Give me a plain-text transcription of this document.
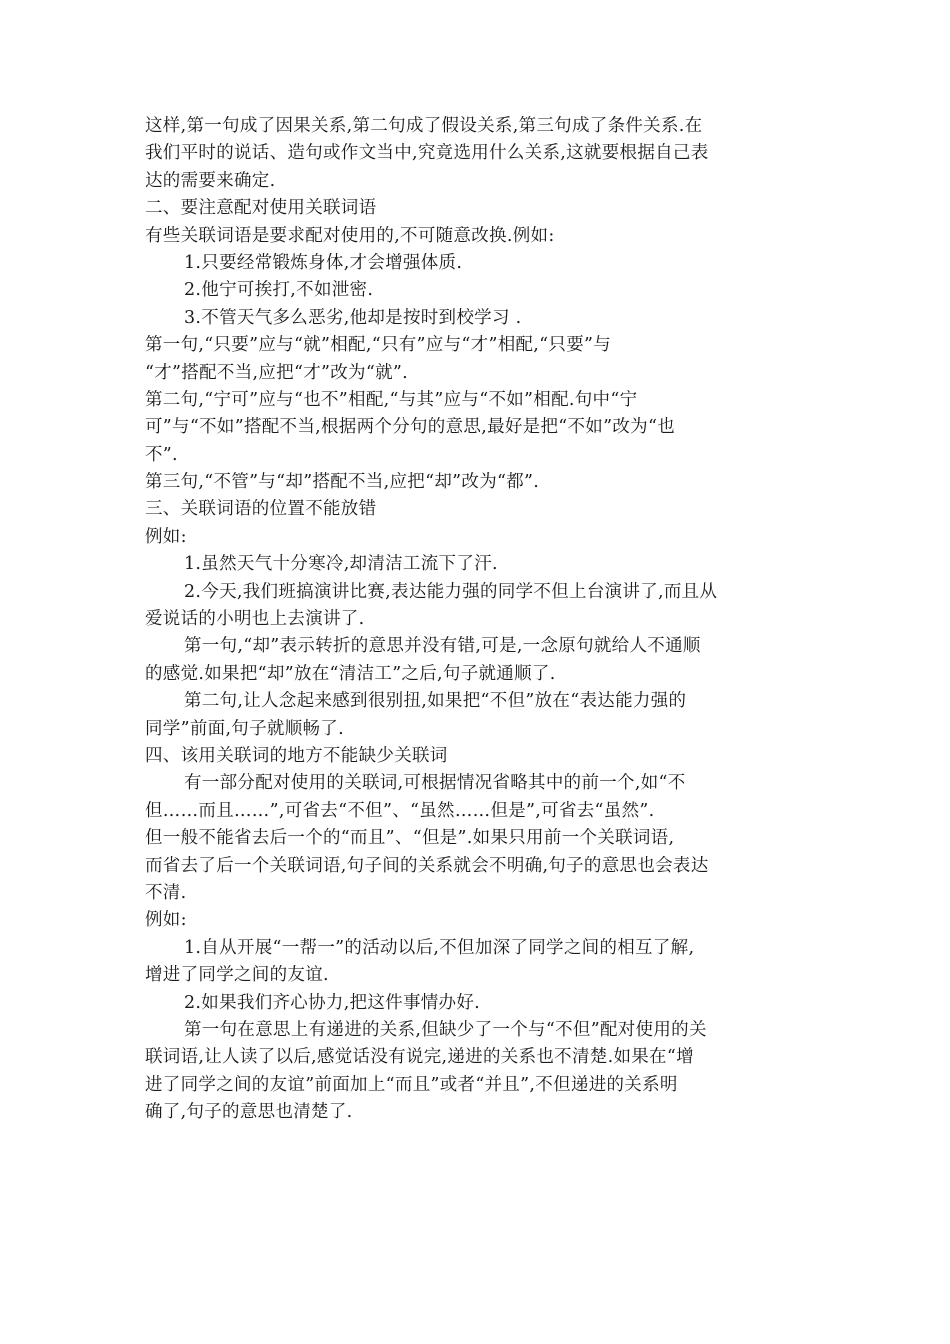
这样,第一句成了因果关系,第二句成了假设关系,第三句成了条件关系.在
我们平时的说话、造句或作文当中,究竟选用什么关系,这就要根据自己表
达的需要来确定.
二、要注意配对使用关联词语
有些关联词语是要求配对使用的,不可随意改换.例如:
1.只要经常锻炼身体,才会增强体质.
2.他宁可挨打,不如泄密.
3.不管天气多么恶劣,他却是按时到校学习 .
第一句,“只要”应与“就”相配,“只有”应与“才”相配,“只要”与
“才”搭配不当,应把“才”改为“就”.
第二句,“宁可”应与“也不”相配,“与其”应与“不如”相配.句中“宁
可”与“不如”搭配不当,根据两个分句的意思,最好是把“不如”改为“也
不”.
第三句,“不管”与“却”搭配不当,应把“却”改为“都”.
三、关联词语的位置不能放错
例如:
1.虽然天气十分寒冷,却清洁工流下了汗.
2.今天,我们班搞演讲比赛,表达能力强的同学不但上台演讲了,而且从
爱说话的小明也上去演讲了.
第一句,“却”表示转折的意思并没有错,可是,一念原句就给人不通顺
的感觉.如果把“却”放在“清洁工”之后,句子就通顺了.
第二句,让人念起来感到很别扭,如果把“不但”放在“表达能力强的
同学”前面,句子就顺畅了.
四、该用关联词的地方不能缺少关联词
有一部分配对使用的关联词,可根据情况省略其中的前一个,如“不
但……而且……”,可省去“不但”、“虽然……但是”,可省去“虽然”.
但一般不能省去后一个的“而且”、“但是”.如果只用前一个关联词语,
而省去了后一个关联词语,句子间的关系就会不明确,句子的意思也会表达
不清.
例如:
1.自从开展“一帮一”的活动以后,不但加深了同学之间的相互了解,
增进了同学之间的友谊.
2.如果我们齐心协力,把这件事情办好.
第一句在意思上有递进的关系,但缺少了一个与“不但”配对使用的关
联词语,让人读了以后,感觉话没有说完,递进的关系也不清楚.如果在“增
进了同学之间的友谊”前面加上“而且”或者“并且”,不但递进的关系明
确了,句子的意思也清楚了.
